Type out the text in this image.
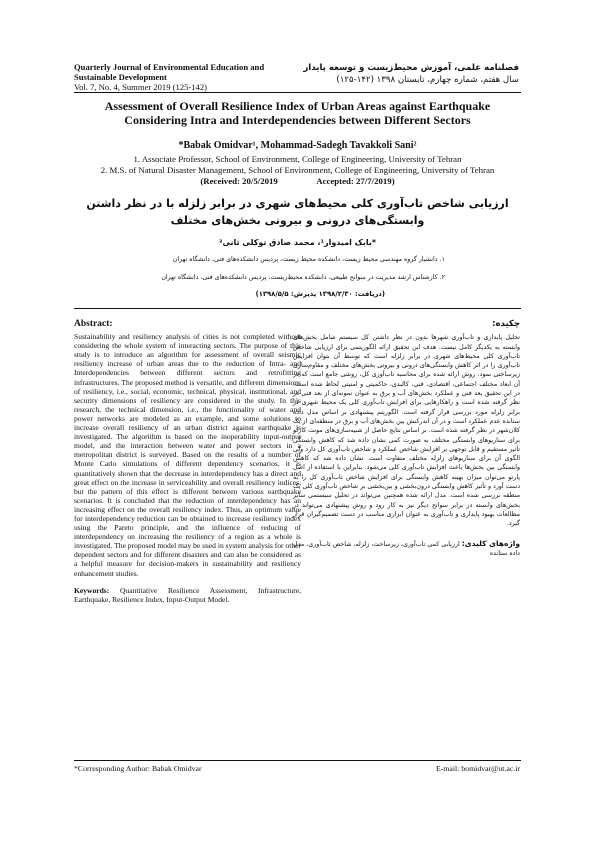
Quarterly Journal of Environmental Education and Sustainable Development
Vol. 7, No. 4, Summer 2019 (125-142)
فصلنامه علمی، آموزش محیط‌زیست و توسعه پایدار
سال هفتم، شماره چهارم، تابستان ۱۳۹۸ (۱۴۲-۱۲۵)
Assessment of Overall Resilience Index of Urban Areas against Earthquake Considering Intra and Interdependencies between Different Sectors
*Babak Omidvar¹, Mohammad-Sadegh Tavakkoli Sani²
1. Associate Professor, School of Environment, College of Engineering, University of Tehran
2. M.S. of Natural Disaster Management, School of Environment, College of Engineering, University of Tehran
(Received: 20/5/2019	Accepted: 27/7/2019)
ارزیابی شاخص تاب‌آوری کلی محیط‌های شهری در برابر زلزله با در نظر داشتن وابستگی‌های درونی و بیرونی بخش‌های مختلف
*بابک امیدوار¹، محمد صادق توکلی ثانی²
۱. دانشیار گروه مهندسی محیط زیست، دانشکده محیط زیست، پردیس دانشکده‌های فنی، دانشگاه تهران
۲. کارشناس ارشد مدیریت در سوانح طبیعی، دانشکده محیط‌زیست، پردیس دانشکده‌های فنی، دانشگاه تهران
(دریافت: ۱۳۹۸/۲/۳۰ پذیرش: ۱۳۹۸/۵/۵)
Abstract:
Sustainability and resiliency analysis of cities is not completed without considering the whole system of interacting sectors. The purpose of this study is to introduce an algorithm for assessment of overall seismic resiliency increase of urban areas due to the reduction of Intra- and Interdependencies between different sectors and retrofitting infrastructures. The proposed method is versatile, and different dimensions of resiliency, i.e., social, economic, technical, physical, institutional, and security dimensions of resiliency are considered in the study. In this research, the technical dimension, i.e., the functionality of water and power networks are modeled as an example, and some solutions to increase overall resiliency of an urban district against earthquake is investigated. The algorithm is based on the inoperability input-output model, and the interaction between water and power sectors in a metropolitan district is surveyed. Based on the results of a number of Monte Carlo simulations of different dependency scenarios, it is quantitatively shown that the decrease in interdependency has a direct and great effect on the increase in serviceability and overall resiliency indices, but the pattern of this effect is different between various earthquake scenarios. It is concluded that the reduction of interdependency has an increasing effect on the overall resiliency index. Thus, an optimum value for interdependency reduction can be obtained to increase resiliency index using the Pareto principle, and the influence of reducing of interdependency on increasing the resiliency of a region as a whole is investigated. The proposed model may be used in system analysis for other dependent sectors and for different disasters and can also be considered as a helpful measure for decision-makers in sustainability and resiliency enhancement studies.
Keywords: Quantitative Resilience Assessment, Infrastructure, Earthquake, Resilience Index, Input-Output Model.
چکیده:
تحلیل پایداری و تاب‌آوری شهرها بدون در نظر داشتن کل سیستم شامل بخش‌های وابسته به یکدیگر کامل نیست. هدف این تحقیق ارائه الگوریتمی برای ارزیابی شاخص تاب‌آوری کلی محیط‌های شهری در برابر زلزله است که توسط آن بتوان افزایش تاب‌آوری را در اثر کاهش وابستگی‌های درونی و بیرونی بخش‌های مختلف و مقاوم‌سازی زیرساختی نمود. روش ارائه شده برای محاسبه تاب‌آوری کل، روشی جامع است که در آن ابعاد مختلف اجتماعی، اقتصادی، فنی، کالبدی، حاکمیتی و امنیتی لحاظ شده است. در این تحقیق بعد فنی و عملکرد بخش‌های آب و برق به عنوان نمونه‌ای از بعد فنی در نظر گرفته شده است و راهکارهایی برای افزایش تاب‌آوری کلی یک محیط شهری در برابر زلزله مورد بررسی قرار گرفته است. الگوریتم پیشنهادی بر اساس مدل داده ستانده عدم عملکرد است و در آن اندرکنش بین بخش‌های آب و برق در منطقه‌ای از یک کلان‌شهر در نظر گرفته شده است. بر اساس نتایج حاصل از شبیه‌سازی‌های مونت کارلو برای سناریوهای وابستگی مختلف به صورت کمی نشان داده شد که کاهش وابستگی تأثیر مستقیم و قابل توجهی بر افزایش شاخص عملکرد و شاخص تاب‌آوری کل دارد ولی الگوی آن برای سناریوهای زلزله مختلف متفاوت است. نشان داده شد که کاهش وابستگی بین بخش‌ها باعث افزایش تاب‌آوری کلی می‌شود. بنابراین با استفاده از اصل پارتو می‌توان میزان بهینه کاهش وابستگی برای افزایش شاخص تاب‌آوری کل را به دست آورد و تأثیر کاهش وابستگی درون‌بخشی و بین‌بخشی بر شاخص تاب‌آوری کلی یک منطقه بررسی شده است. مدل ارائه شده همچنین می‌تواند در تحلیل سیستمی سایر بخش‌های وابسته در برابر سوانح دیگر نیز به کار رود و روش پیشنهادی می‌تواند در مطالعات بهبود پایداری و تاب‌آوری به عنوان ابزاری مناسب در دست تصمیم‌گیران قرار گیرد.
واژه‌های کلیدی: ارزیابی کمی تاب‌آوری، زیرساخت، زلزله، شاخص تاب‌آوری، مدل داده ستانده
*Corresponding Author: Babak Omidvar	E-mail: bomidvar@ut.ac.ir
